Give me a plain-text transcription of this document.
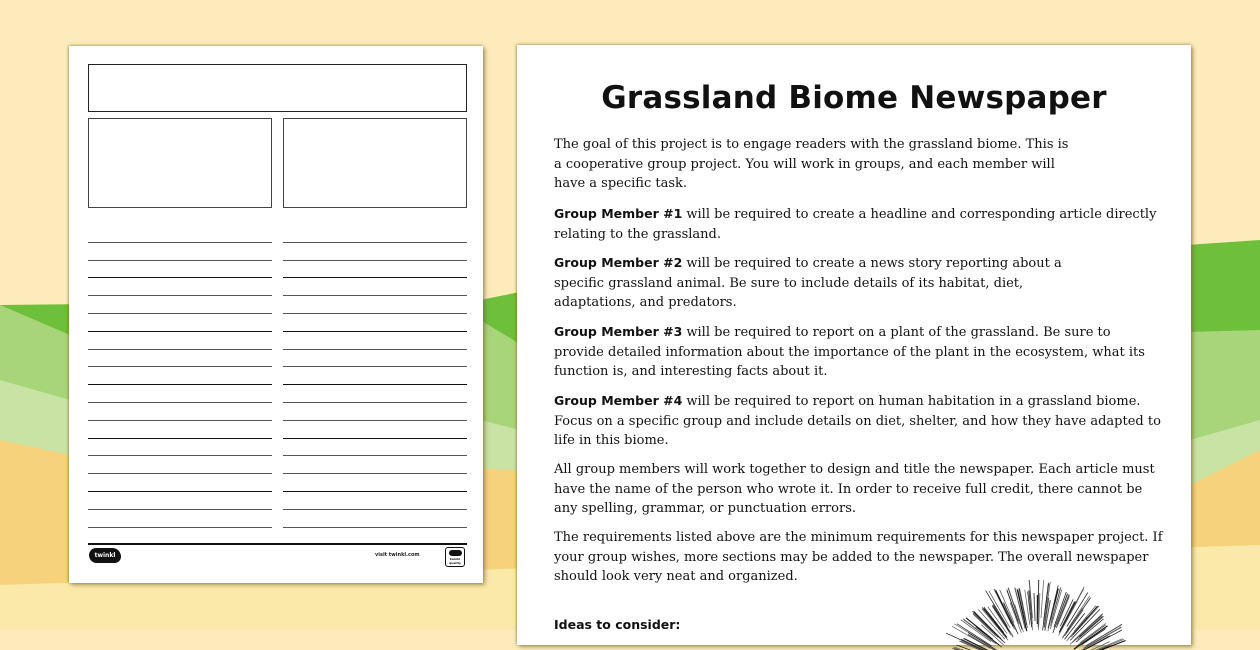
twinkl	visit twinkl.com
twinkl quality
Grassland Biome Newspaper
The goal of this project is to engage readers with the grassland biome. This is a cooperative group project. You will work in groups, and each member will have a specific task.
Group Member #1 will be required to create a headline and corresponding article directly relating to the grassland.
Group Member #2 will be required to create a news story reporting about a specific grassland animal. Be sure to include details of its habitat, diet, adaptations, and predators.
Group Member #3 will be required to report on a plant of the grassland. Be sure to provide detailed information about the importance of the plant in the ecosystem, what its function is, and interesting facts about it.
Group Member #4 will be required to report on human habitation in a grassland biome. Focus on a specific group and include details on diet, shelter, and how they have adapted to life in this biome.
All group members will work together to design and title the newspaper. Each article must have the name of the person who wrote it. In order to receive full credit, there cannot be any spelling, grammar, or punctuation errors.
The requirements listed above are the minimum requirements for this newspaper project. If your group wishes, more sections may be added to the newspaper. The overall newspaper should look very neat and organized.
Ideas to consider:
